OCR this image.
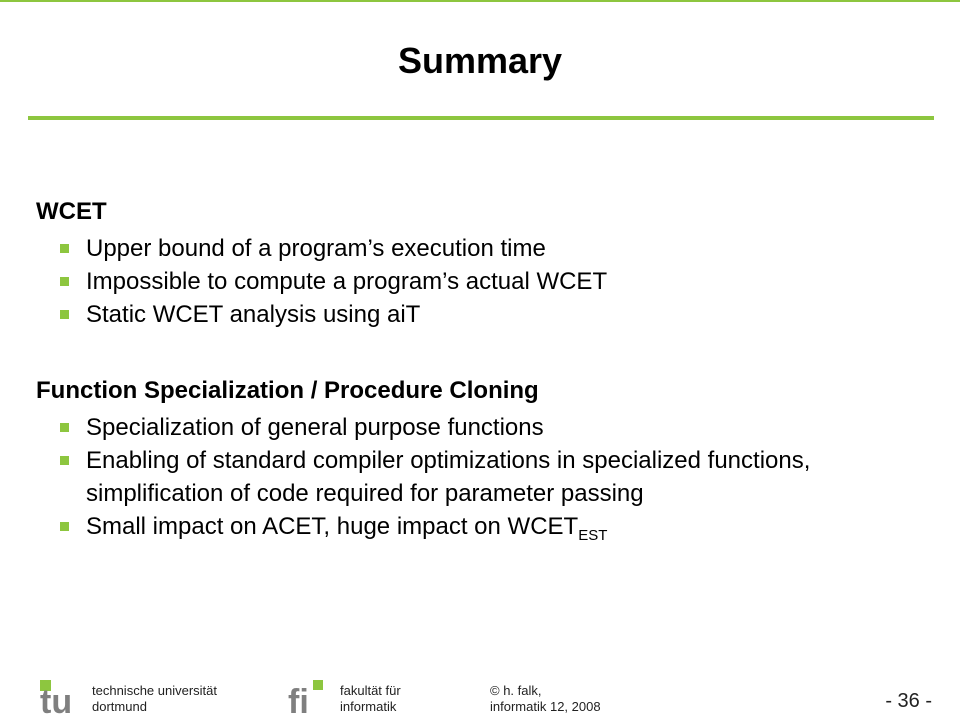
Summary
WCET
Upper bound of a program’s execution time
Impossible to compute a program’s actual WCET
Static WCET analysis using aiT
Function Specialization / Procedure Cloning
Specialization of general purpose functions
Enabling of standard compiler optimizations in specialized functions, simplification of code required for parameter passing
Small impact on ACET, huge impact on $WCET_{EST}$
tu technische universität
dortmund	fi fakultät für
informatik
© h. falk,
informatik 12, 2008	- 36 -
